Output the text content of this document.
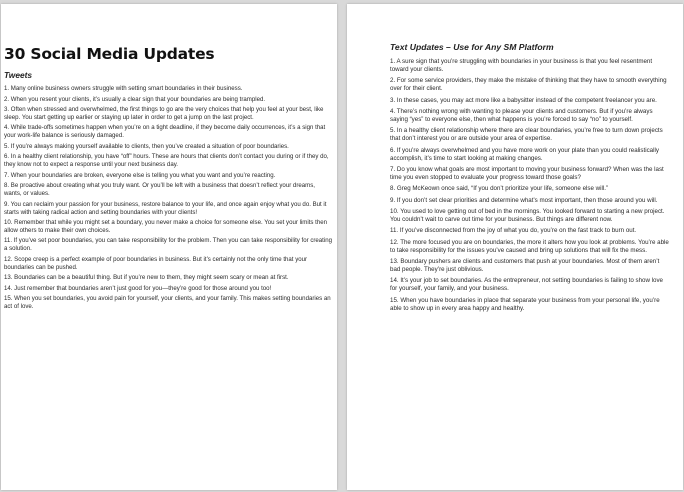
30 Social Media Updates
Tweets

1. Many online business owners struggle with setting smart boundaries in their business.

2. When you resent your clients, it’s usually a clear sign that your boundaries are being trampled.

3. Often when stressed and overwhelmed, the first things to go are the very choices that help you feel at your best, like sleep. You start getting up earlier or staying up later in order to get a jump on the last project.

4. While trade-offs sometimes happen when you’re on a tight deadline, if they become daily occurrences, it’s a sign that your work-life balance is seriously damaged.

5. If you’re always making yourself available to clients, then you’ve created a situation of poor boundaries.

6. In a healthy client relationship, you have “off” hours. These are hours that clients don’t contact you during or if they do, they know not to expect a response until your next business day.

7. When your boundaries are broken, everyone else is telling you what you want and you’re reacting.

8. Be proactive about creating what you truly want. Or you’ll be left with a business that doesn’t reflect your dreams, wants, or values.

9. You can reclaim your passion for your business, restore balance to your life, and once again enjoy what you do. But it starts with taking radical action and setting boundaries with your clients!

10. Remember that while you might set a boundary, you never make a choice for someone else. You set your limits then allow others to make their own choices.

11. If you’ve set poor boundaries, you can take responsibility for the problem. Then you can take responsibility for creating a solution.

12. Scope creep is a perfect example of poor boundaries in business. But it’s certainly not the only time that your boundaries can be pushed.

13. Boundaries can be a beautiful thing. But if you’re new to them, they might seem scary or mean at first.

14. Just remember that boundaries aren’t just good for you—they’re good for those around you too!

15. When you set boundaries, you avoid pain for yourself, your clients, and your family. This makes setting boundaries an act of love.

Text Updates – Use for Any SM Platform

1. A sure sign that you’re struggling with boundaries in your business is that you feel resentment toward your clients.

2. For some service providers, they make the mistake of thinking that they have to smooth everything over for their client.

3. In these cases, you may act more like a babysitter instead of the competent freelancer you are.

4. There’s nothing wrong with wanting to please your clients and customers. But if you’re always saying “yes” to everyone else, then what happens is you’re forced to say “no” to yourself.

5. In a healthy client relationship where there are clear boundaries, you’re free to turn down projects that don’t interest you or are outside your area of expertise.

6. If you’re always overwhelmed and you have more work on your plate than you could realistically accomplish, it’s time to start looking at making changes.

7. Do you know what goals are most important to moving your business forward? When was the last time you even stopped to evaluate your progress toward those goals?

8. Greg McKeown once said, “If you don’t prioritize your life, someone else will.”

9. If you don’t set clear priorities and determine what’s most important, then those around you will.

10. You used to love getting out of bed in the mornings. You looked forward to starting a new project. You couldn’t wait to carve out time for your business. But things are different now.

11. If you’ve disconnected from the joy of what you do, you’re on the fast track to burn out.

12. The more focused you are on boundaries, the more it alters how you look at problems. You’re able to take responsibility for the issues you’ve caused and bring up solutions that will fix the mess.

13. Boundary pushers are clients and customers that push at your boundaries. Most of them aren’t bad people. They’re just oblivious.

14. It’s your job to set boundaries. As the entrepreneur, not setting boundaries is failing to show love for yourself, your family, and your business.

15. When you have boundaries in place that separate your business from your personal life, you’re able to show up in every area happy and healthy.
